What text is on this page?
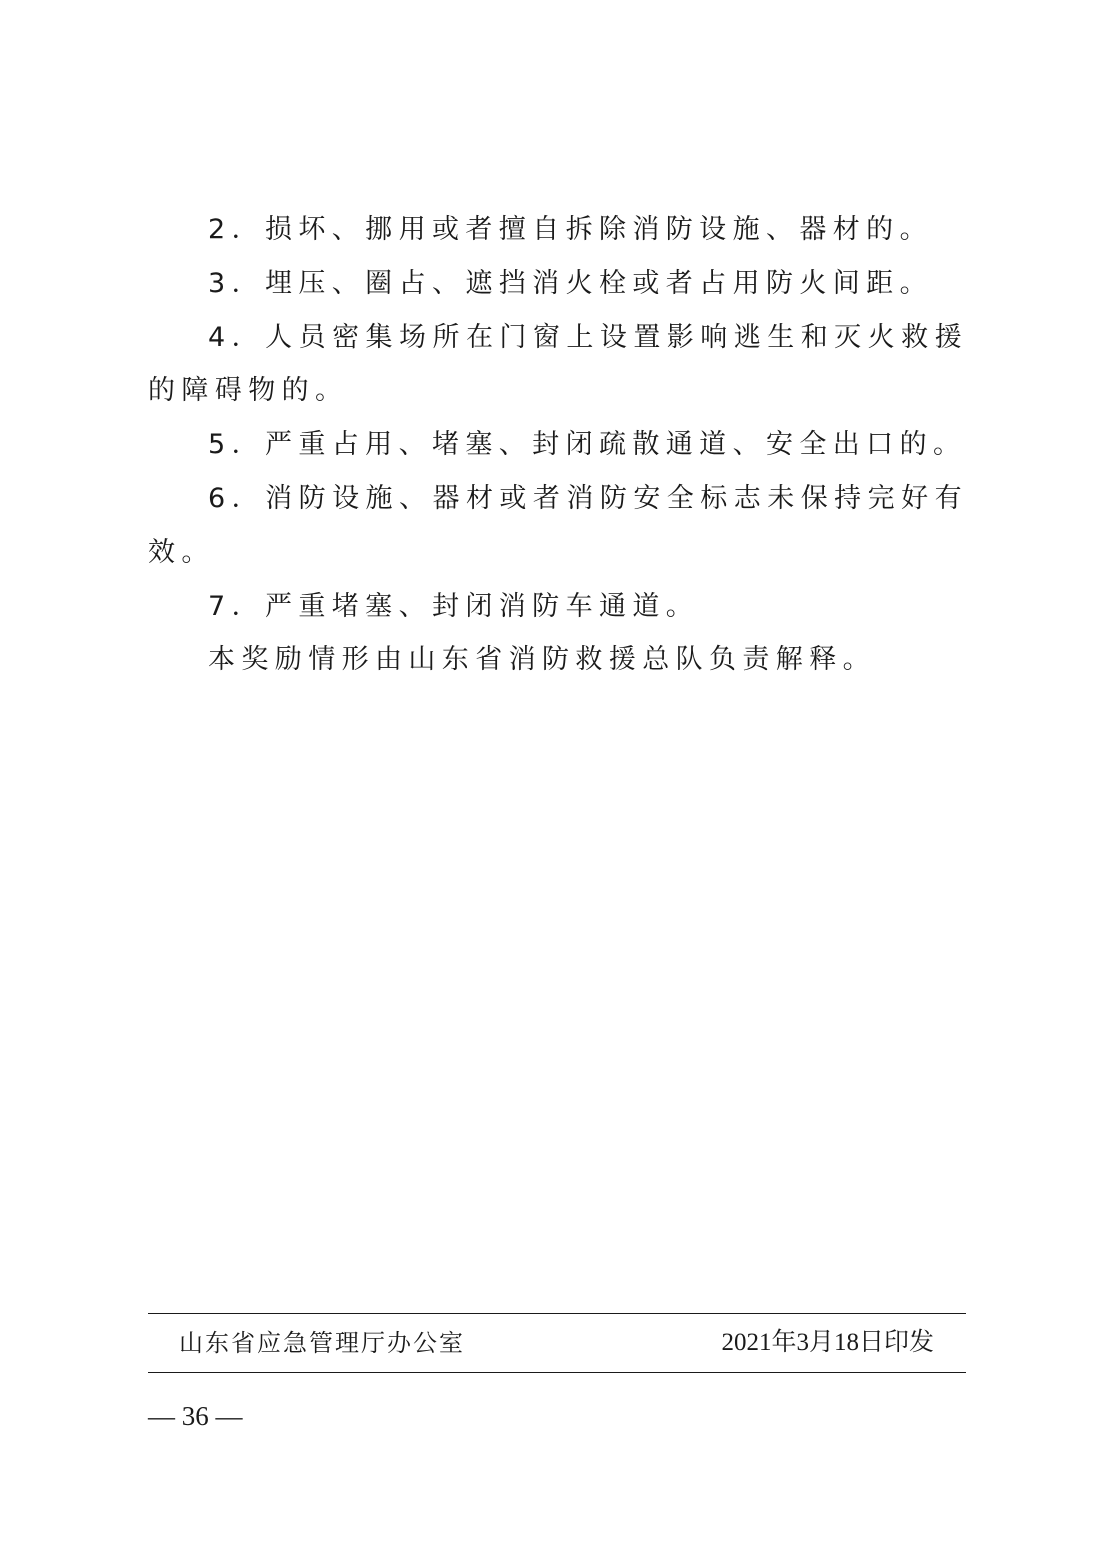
2．损坏、挪用或者擅自拆除消防设施、器材的。

3．埋压、圈占、遮挡消火栓或者占用防火间距。

4．人员密集场所在门窗上设置影响逃生和灭火救援的障碍物的。

5．严重占用、堵塞、封闭疏散通道、安全出口的。

6．消防设施、器材或者消防安全标志未保持完好有效。

7．严重堵塞、封闭消防车通道。

本奖励情形由山东省消防救援总队负责解释。

山东省应急管理厅办公室	2021年3月18日印发
— 36 —
